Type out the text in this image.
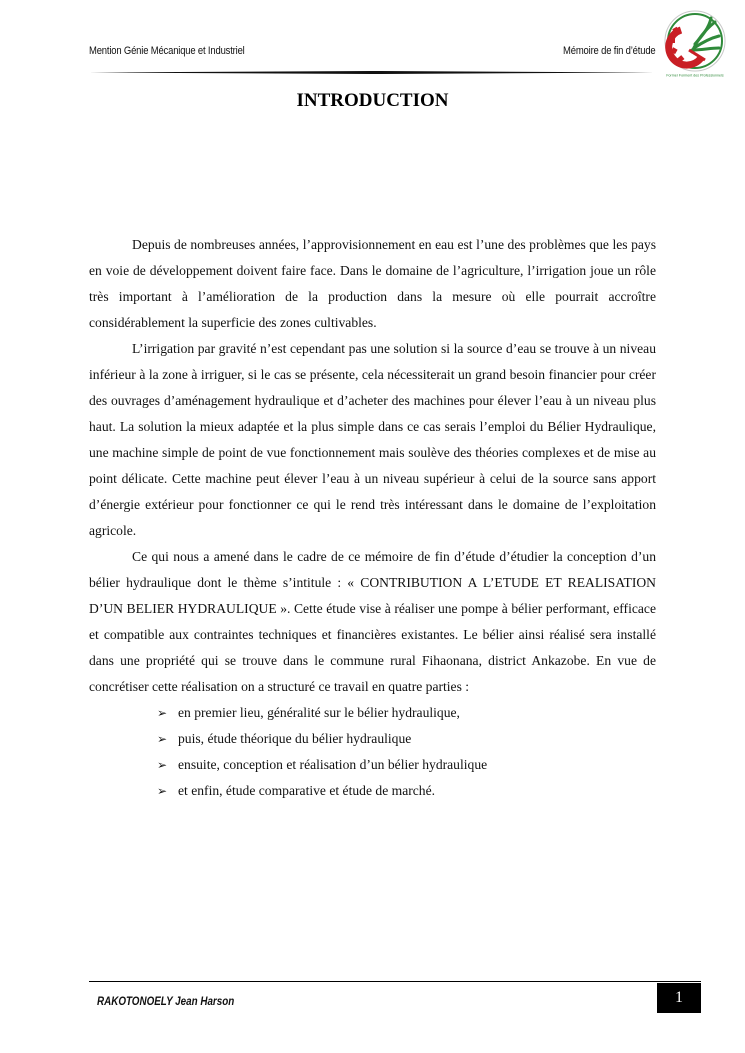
Mention Génie Mécanique et Industriel	Mémoire de fin d’étude
Former Forment des Professionnels
INTRODUCTION

Depuis de nombreuses années, l’approvisionnement en eau est l’une des problèmes que les pays en voie de développement doivent faire face. Dans le domaine de l’agriculture, l’irrigation joue un rôle très important à l’amélioration de la production dans la mesure où elle pourrait accroître considérablement la superficie des zones cultivables.

L’irrigation par gravité n’est cependant pas une solution si la source d’eau se trouve à un niveau inférieur à la zone à irriguer, si le cas se présente, cela nécessiterait un grand besoin financier pour créer des ouvrages d’aménagement hydraulique et d’acheter des machines pour élever l’eau à un niveau plus haut. La solution la mieux adaptée et la plus simple dans ce cas serais l’emploi du Bélier Hydraulique, une machine simple de point de vue fonctionnement mais soulève des théories complexes et de mise au point délicate. Cette machine peut élever l’eau à un niveau supérieur à celui de la source sans apport d’énergie extérieur pour fonctionner ce qui le rend très intéressant dans le domaine de l’exploitation agricole.

Ce qui nous a amené dans le cadre de ce mémoire de fin d’étude d’étudier la conception d’un bélier hydraulique dont le thème s’intitule : « CONTRIBUTION A L’ETUDE ET REALISATION D’UN BELIER HYDRAULIQUE ». Cette étude vise à réaliser une pompe à bélier performant, efficace et compatible aux contraintes techniques et financières existantes. Le bélier ainsi réalisé sera installé dans une propriété qui se trouve dans le commune rural Fihaonana, district Ankazobe. En vue de concrétiser cette réalisation on a structuré ce travail en quatre parties :

➢ en premier lieu, généralité sur le bélier hydraulique,
➢ puis, étude théorique du bélier hydraulique
➢ ensuite, conception et réalisation d’un bélier hydraulique
➢ et enfin, étude comparative et étude de marché.
RAKOTONOELY Jean Harson	1
